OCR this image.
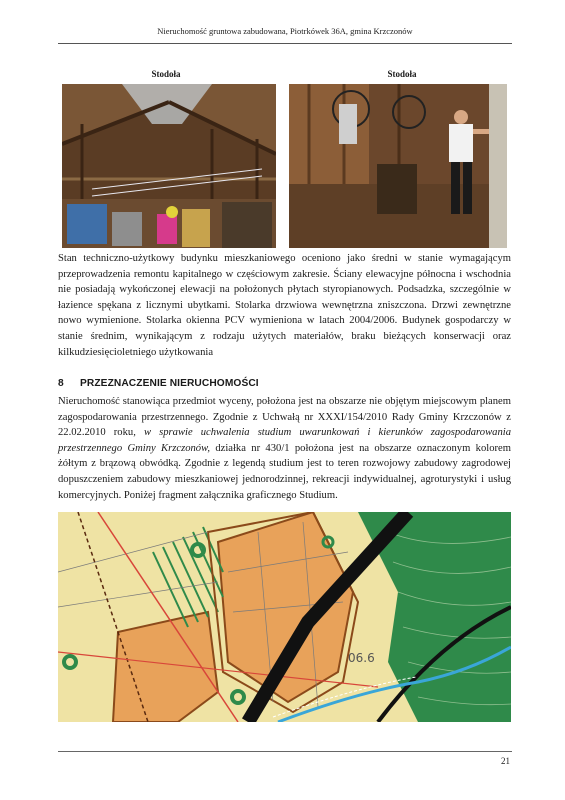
Nieruchomość gruntowa zabudowana, Piotrkówek 36A, gmina Krzczonów
Stodoła	Stodoła

Stan techniczno-użytkowy budynku mieszkaniowego oceniono jako średni w stanie wymagającym przeprowadzenia remontu kapitalnego w częściowym zakresie. Ściany elewacyjne północna i wschodnia nie posiadają wykończonej elewacji na położonych płytach styropianowych. Podsadzka, szczególnie w łazience spękana z licznymi ubytkami. Stolarka drzwiowa wewnętrzna zniszczona. Drzwi zewnętrzne nowo wymienione. Stolarka okienna PCV wymieniona w latach 2004/2006. Budynek gospodarczy w stanie średnim, wynikającym z rodzaju użytych materiałów, braku bieżących konserwacji oraz kilkudziesięcioletniego użytkowania

8 PRZEZNACZENIE NIERUCHOMOŚCI

Nieruchomość stanowiąca przedmiot wyceny, położona jest na obszarze nie objętym miejscowym planem zagospodarowania przestrzennego. Zgodnie z Uchwałą nr XXXI/154/2010 Rady Gminy Krzczonów z 22.02.2010 roku, w sprawie uchwalenia studium uwarunkowań i kierunków zagospodarowania przestrzennego Gminy Krzczonów, działka nr 430/1 położona jest na obszarze oznaczonym kolorem żółtym z brązową obwódką. Zgodnie z legendą studium jest to teren rozwojowy zabudowy zagrodowej dopuszczeniem zabudowy mieszkaniowej jednorodzinnej, rekreacji indywidualnej, agroturystyki i usług komercyjnych. Poniżej fragment załącznika graficznego Studium.

06.6
21
